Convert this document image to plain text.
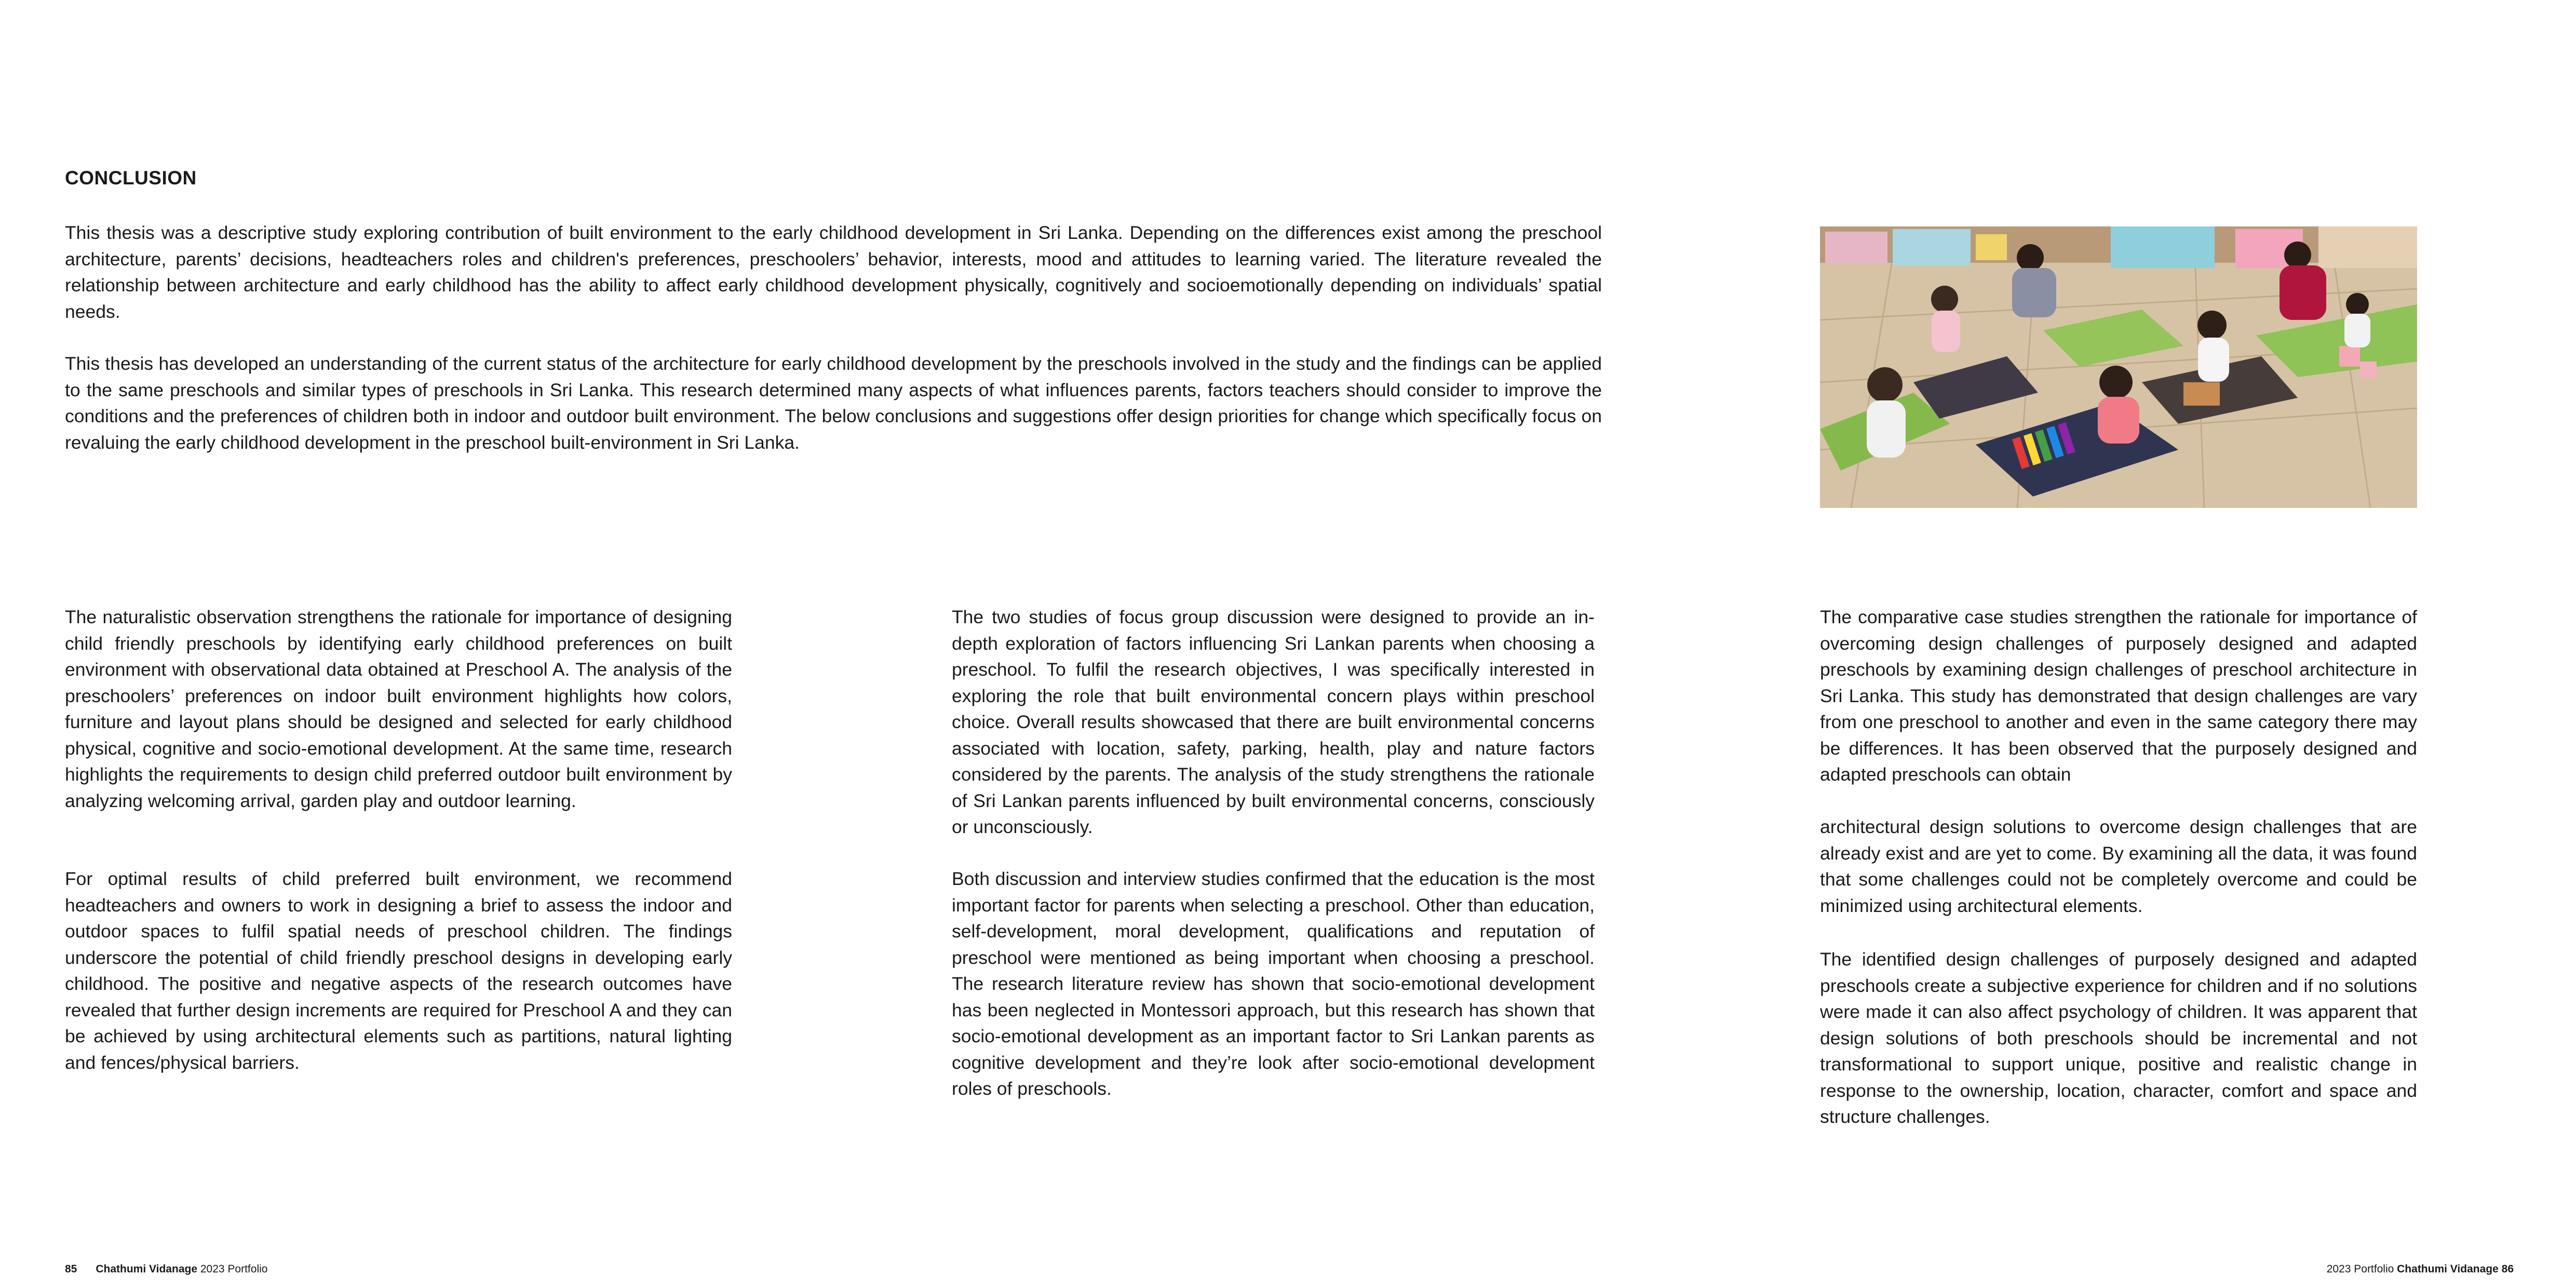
CONCLUSION

This thesis was a descriptive study exploring contribution of built environment to the early childhood development in Sri Lanka. Depending on the differences exist among the preschool architecture, parents’ decisions, headteachers roles and children's preferences, preschoolers’ behavior, interests, mood and attitudes to learning varied. The literature revealed the relationship between architecture and early childhood has the ability to affect early childhood development physically, cognitively and socioemotionally depending on individuals’ spatial needs.

This thesis has developed an understanding of the current status of the architecture for early childhood development by the preschools involved in the study and the findings can be applied to the same preschools and similar types of preschools in Sri Lanka. This research determined many aspects of what influences parents, factors teachers should consider to improve the conditions and the preferences of children both in indoor and outdoor built environment. The below conclusions and suggestions offer design priorities for change which specifically focus on revaluing the early childhood development in the preschool built-environment in Sri Lanka.

The naturalistic observation strengthens the rationale for importance of designing child friendly preschools by identifying early childhood preferences on built environment with observational data obtained at Preschool A. The analysis of the preschoolers’ preferences on indoor built environment highlights how colors, furniture and layout plans should be designed and selected for early childhood physical, cognitive and socio-emotional development. At the same time, research highlights the requirements to design child preferred outdoor built environment by analyzing welcoming arrival, garden play and outdoor learning.

For optimal results of child preferred built environment, we recommend headteachers and owners to work in designing a brief to assess the indoor and outdoor spaces to fulfil spatial needs of preschool children. The findings underscore the potential of child friendly preschool designs in developing early childhood. The positive and negative aspects of the research outcomes have revealed that further design increments are required for Preschool A and they can be achieved by using architectural elements such as partitions, natural lighting and fences/physical barriers.

The two studies of focus group discussion were designed to provide an in-depth exploration of factors influencing Sri Lankan parents when choosing a preschool. To fulfil the research objectives, I was specifically interested in exploring the role that built environmental concern plays within preschool choice. Overall results showcased that there are built environmental concerns associated with location, safety, parking, health, play and nature factors considered by the parents. The analysis of the study strengthens the rationale of Sri Lankan parents influenced by built environmental concerns, consciously or unconsciously.

Both discussion and interview studies confirmed that the education is the most important factor for parents when selecting a preschool. Other than education, self-development, moral development, qualifications and reputation of preschool were mentioned as being important when choosing a preschool. The research literature review has shown that socio-emotional development has been neglected in Montessori approach, but this research has shown that socio-emotional development as an important factor to Sri Lankan parents as cognitive development and they’re look after socio-emotional development roles of preschools.

The comparative case studies strengthen the rationale for importance of overcoming design challenges of purposely designed and adapted preschools by examining design challenges of preschool architecture in Sri Lanka. This study has demonstrated that design challenges are vary from one preschool to another and even in the same category there may be differences. It has been observed that the purposely designed and adapted preschools can obtain

architectural design solutions to overcome design challenges that are already exist and are yet to come. By examining all the data, it was found that some challenges could not be completely overcome and could be minimized using architectural elements.

The identified design challenges of purposely designed and adapted preschools create a subjective experience for children and if no solutions were made it can also affect psychology of children. It was apparent that design solutions of both preschools should be incremental and not transformational to support unique, positive and realistic change in response to the ownership, location, character, comfort and space and structure challenges.

85 Chathumi Vidanage 2023 Portfolio	2023 Portfolio Chathumi Vidanage 86
